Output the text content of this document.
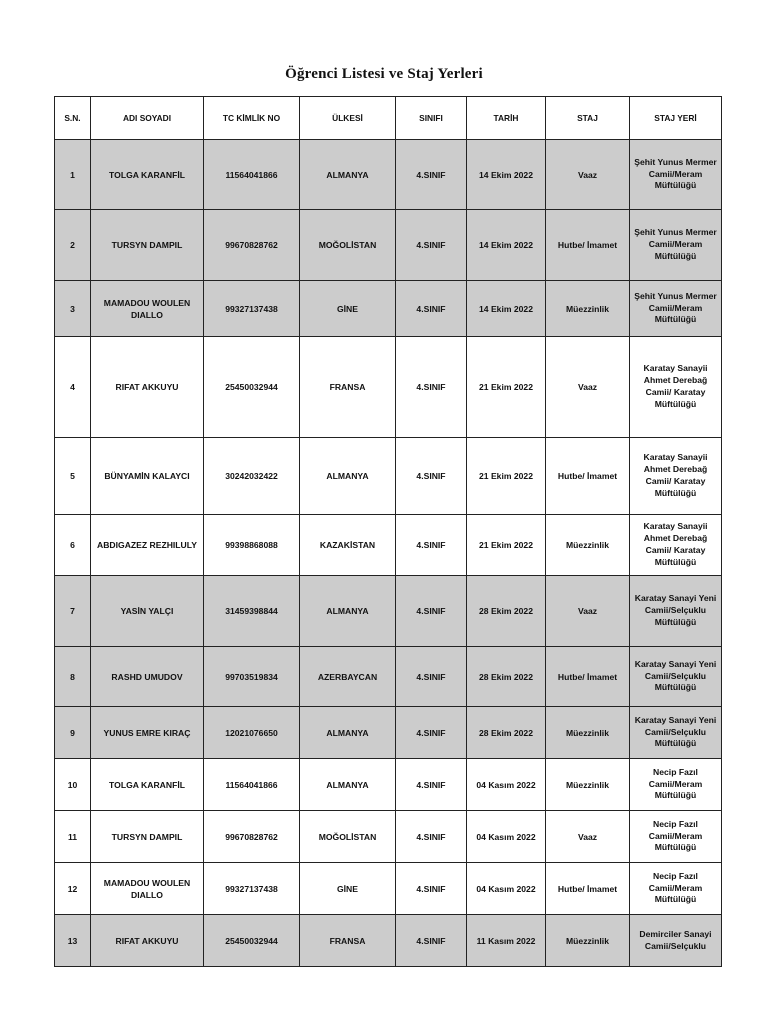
Öğrenci Listesi ve Staj Yerleri
S.N.	ADI SOYADI	TC KİMLİK NO	ÜLKESİ	SINIFI	TARİH	STAJ	STAJ YERİ
1	TOLGA KARANFİL	11564041866	ALMANYA	4.SINIF	14 Ekim 2022	Vaaz	Şehit Yunus Mermer Camii/Meram Müftülüğü
2	TURSYN DAMPIL	99670828762	MOĞOLİSTAN	4.SINIF	14 Ekim 2022	Hutbe/ İmamet	Şehit Yunus Mermer Camii/Meram Müftülüğü
3	MAMADOU WOULEN DIALLO	99327137438	GİNE	4.SINIF	14 Ekim 2022	Müezzinlik	Şehit Yunus Mermer Camii/Meram Müftülüğü
4	RIFAT AKKUYU	25450032944	FRANSA	4.SINIF	21 Ekim 2022	Vaaz	Karatay Sanayii Ahmet Derebağ Camii/ Karatay Müftülüğü
5	BÜNYAMİN KALAYCI	30242032422	ALMANYA	4.SINIF	21 Ekim 2022	Hutbe/ İmamet	Karatay Sanayii Ahmet Derebağ Camii/ Karatay Müftülüğü
6	ABDIGAZEZ REZHILULY	99398868088	KAZAKİSTAN	4.SINIF	21 Ekim 2022	Müezzinlik	Karatay Sanayii Ahmet Derebağ Camii/ Karatay Müftülüğü
7	YASİN YALÇI	31459398844	ALMANYA	4.SINIF	28 Ekim 2022	Vaaz	Karatay Sanayi Yeni Camii/Selçuklu Müftülüğü
8	RASHD UMUDOV	99703519834	AZERBAYCAN	4.SINIF	28 Ekim 2022	Hutbe/ İmamet	Karatay Sanayi Yeni Camii/Selçuklu Müftülüğü
9	YUNUS EMRE KIRAÇ	12021076650	ALMANYA	4.SINIF	28 Ekim 2022	Müezzinlik	Karatay Sanayi Yeni Camii/Selçuklu Müftülüğü
10	TOLGA KARANFİL	11564041866	ALMANYA	4.SINIF	04 Kasım 2022	Müezzinlik	Necip Fazıl Camii/Meram Müftülüğü
11	TURSYN DAMPIL	99670828762	MOĞOLİSTAN	4.SINIF	04 Kasım 2022	Vaaz	Necip Fazıl Camii/Meram Müftülüğü
12	MAMADOU WOULEN DIALLO	99327137438	GİNE	4.SINIF	04 Kasım 2022	Hutbe/ İmamet	Necip Fazıl Camii/Meram Müftülüğü
13	RIFAT AKKUYU	25450032944	FRANSA	4.SINIF	11 Kasım 2022	Müezzinlik	Demirciler Sanayi Camii/Selçuklu
